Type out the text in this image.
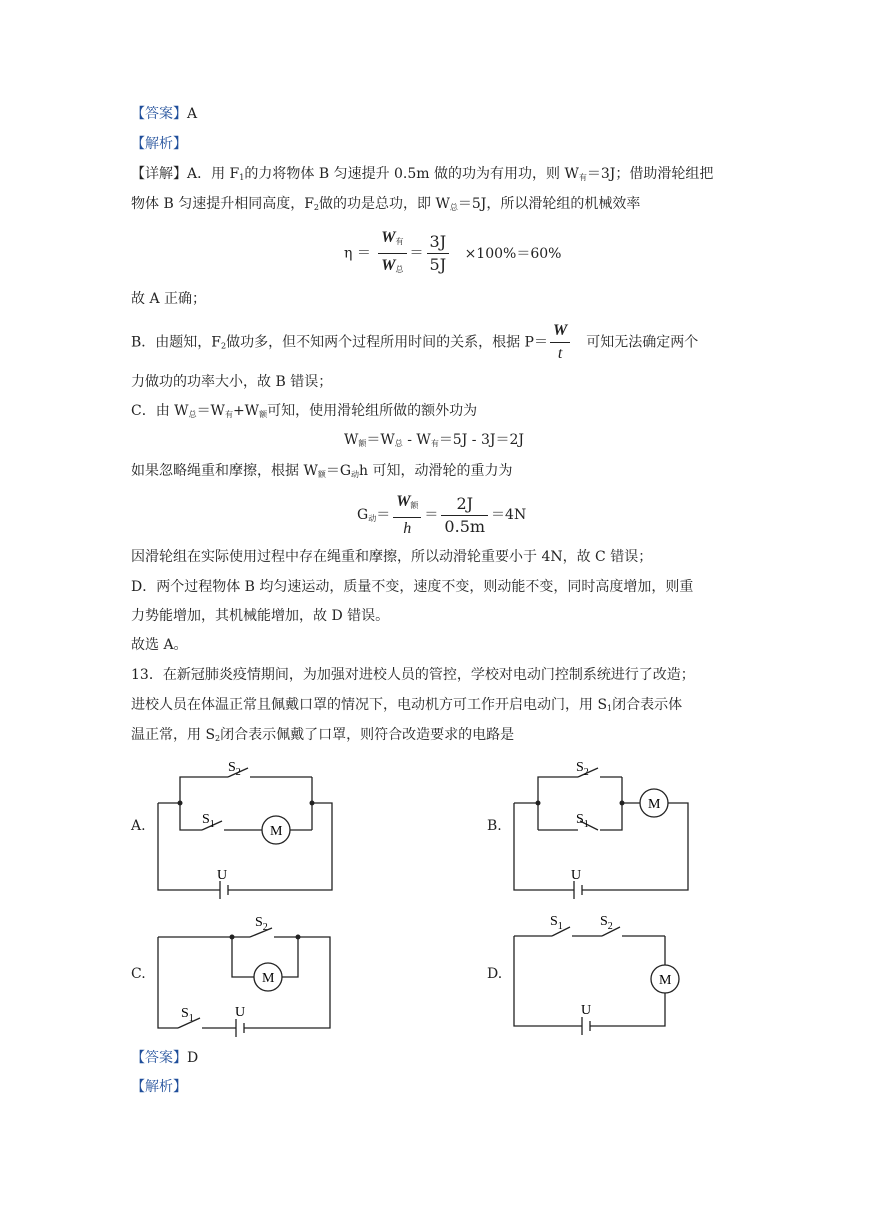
【答案】A
【解析】
【详解】A．用 $F_1$的力将物体 B 匀速提升 0.5m 做的功为有用功，则 $W_有=3J$；借助滑轮组把
物体 B 匀速提升相同高度，$F_2$做的功是总功，即 $W_总=5J$，所以滑轮组的机械效率
$\eta = \frac{W_有}{W_总} = \frac{3J}{5J} \times 100\%=60\%$
故 A 正确；
B．由题知，$F_2$做功多，但不知两个过程所用时间的关系，根据 $P= \frac{W}{t}$ 可知无法确定两个
力做功的功率大小，故 B 错误；
C．由 $W_总=W_有+W_额$可知，使用滑轮组所做的额外功为
$W_额=W_总 - W_有=5J - 3J=2J$
如果忽略绳重和摩擦，根据 $W_额=G_动h$ 可知，动滑轮的重力为
$G_动= \frac{W_额}{h} = \frac{2J}{0.5m} =4N$
因滑轮组在实际使用过程中存在绳重和摩擦，所以动滑轮重要小于 4N，故 C 错误；
D．两个过程物体 B 均匀速运动，质量不变，速度不变，则动能不变，同时高度增加，则重
力势能增加，其机械能增加，故 D 错误。
故选 A。
13．在新冠肺炎疫情期间，为加强对进校人员的管控，学校对电动门控制系统进行了改造；
进校人员在体温正常且佩戴口罩的情况下，电动机方可工作开启电动门，用 $S_1$闭合表示体
温正常，用 $S_2$闭合表示佩戴了口罩，则符合改造要求的电路是
A.	B.
C.	D.
$S_2$
$S_1$	M
U
$S_2$
$S_1$
M
U
$S_2$
$S_1$
M
U
$S_1$	$S_2$
M
U
【答案】D
【解析】
